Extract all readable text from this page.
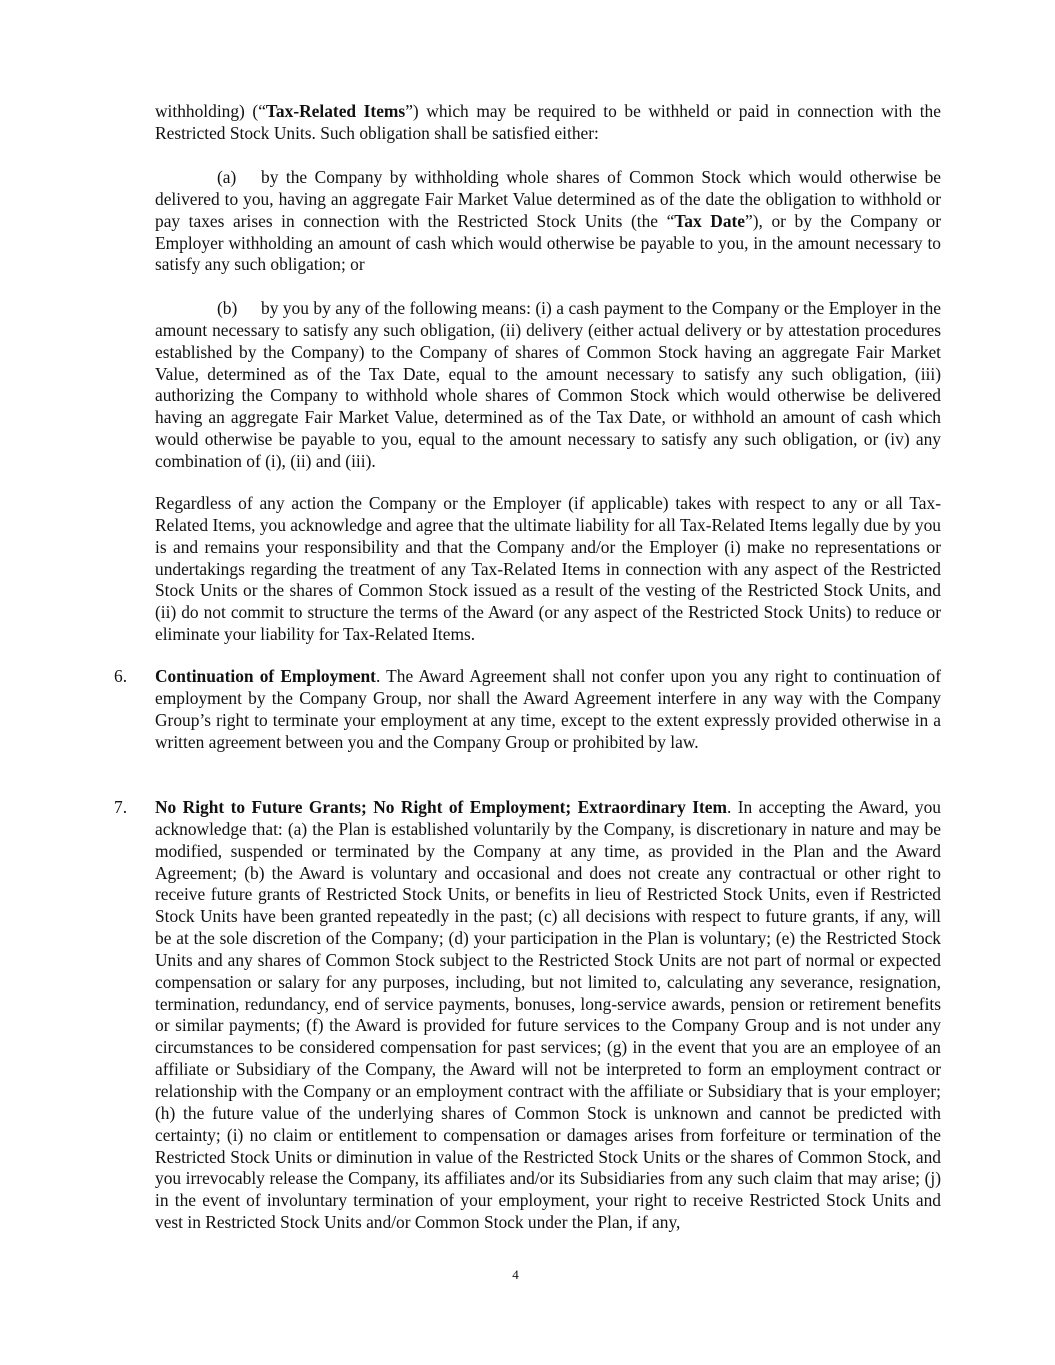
withholding) (“Tax-Related Items”) which may be required to be withheld or paid in connection with the Restricted Stock Units. Such obligation shall be satisfied either:

(a) by the Company by withholding whole shares of Common Stock which would otherwise be delivered to you, having an aggregate Fair Market Value determined as of the date the obligation to withhold or pay taxes arises in connection with the Restricted Stock Units (the “Tax Date”), or by the Company or Employer withholding an amount of cash which would otherwise be payable to you, in the amount necessary to satisfy any such obligation; or

(b) by you by any of the following means: (i) a cash payment to the Company or the Employer in the amount necessary to satisfy any such obligation, (ii) delivery (either actual delivery or by attestation procedures established by the Company) to the Company of shares of Common Stock having an aggregate Fair Market Value, determined as of the Tax Date, equal to the amount necessary to satisfy any such obligation, (iii) authorizing the Company to withhold whole shares of Common Stock which would otherwise be delivered having an aggregate Fair Market Value, determined as of the Tax Date, or withhold an amount of cash which would otherwise be payable to you, equal to the amount necessary to satisfy any such obligation, or (iv) any combination of (i), (ii) and (iii).

Regardless of any action the Company or the Employer (if applicable) takes with respect to any or all Tax-Related Items, you acknowledge and agree that the ultimate liability for all Tax-Related Items legally due by you is and remains your responsibility and that the Company and/or the Employer (i) make no representations or undertakings regarding the treatment of any Tax-Related Items in connection with any aspect of the Restricted Stock Units or the shares of Common Stock issued as a result of the vesting of the Restricted Stock Units, and (ii) do not commit to structure the terms of the Award (or any aspect of the Restricted Stock Units) to reduce or eliminate your liability for Tax-Related Items.

6. Continuation of Employment. The Award Agreement shall not confer upon you any right to continuation of employment by the Company Group, nor shall the Award Agreement interfere in any way with the Company Group’s right to terminate your employment at any time, except to the extent expressly provided otherwise in a written agreement between you and the Company Group or prohibited by law.

7. No Right to Future Grants; No Right of Employment; Extraordinary Item. In accepting the Award, you acknowledge that: (a) the Plan is established voluntarily by the Company, is discretionary in nature and may be modified, suspended or terminated by the Company at any time, as provided in the Plan and the Award Agreement; (b) the Award is voluntary and occasional and does not create any contractual or other right to receive future grants of Restricted Stock Units, or benefits in lieu of Restricted Stock Units, even if Restricted Stock Units have been granted repeatedly in the past; (c) all decisions with respect to future grants, if any, will be at the sole discretion of the Company; (d) your participation in the Plan is voluntary; (e) the Restricted Stock Units and any shares of Common Stock subject to the Restricted Stock Units are not part of normal or expected compensation or salary for any purposes, including, but not limited to, calculating any severance, resignation, termination, redundancy, end of service payments, bonuses, long-service awards, pension or retirement benefits or similar payments; (f) the Award is provided for future services to the Company Group and is not under any circumstances to be considered compensation for past services; (g) in the event that you are an employee of an affiliate or Subsidiary of the Company, the Award will not be interpreted to form an employment contract or relationship with the Company or an employment contract with the affiliate or Subsidiary that is your employer; (h) the future value of the underlying shares of Common Stock is unknown and cannot be predicted with certainty; (i) no claim or entitlement to compensation or damages arises from forfeiture or termination of the Restricted Stock Units or diminution in value of the Restricted Stock Units or the shares of Common Stock, and you irrevocably release the Company, its affiliates and/or its Subsidiaries from any such claim that may arise; (j) in the event of involuntary termination of your employment, your right to receive Restricted Stock Units and vest in Restricted Stock Units and/or Common Stock under the Plan, if any,

4
